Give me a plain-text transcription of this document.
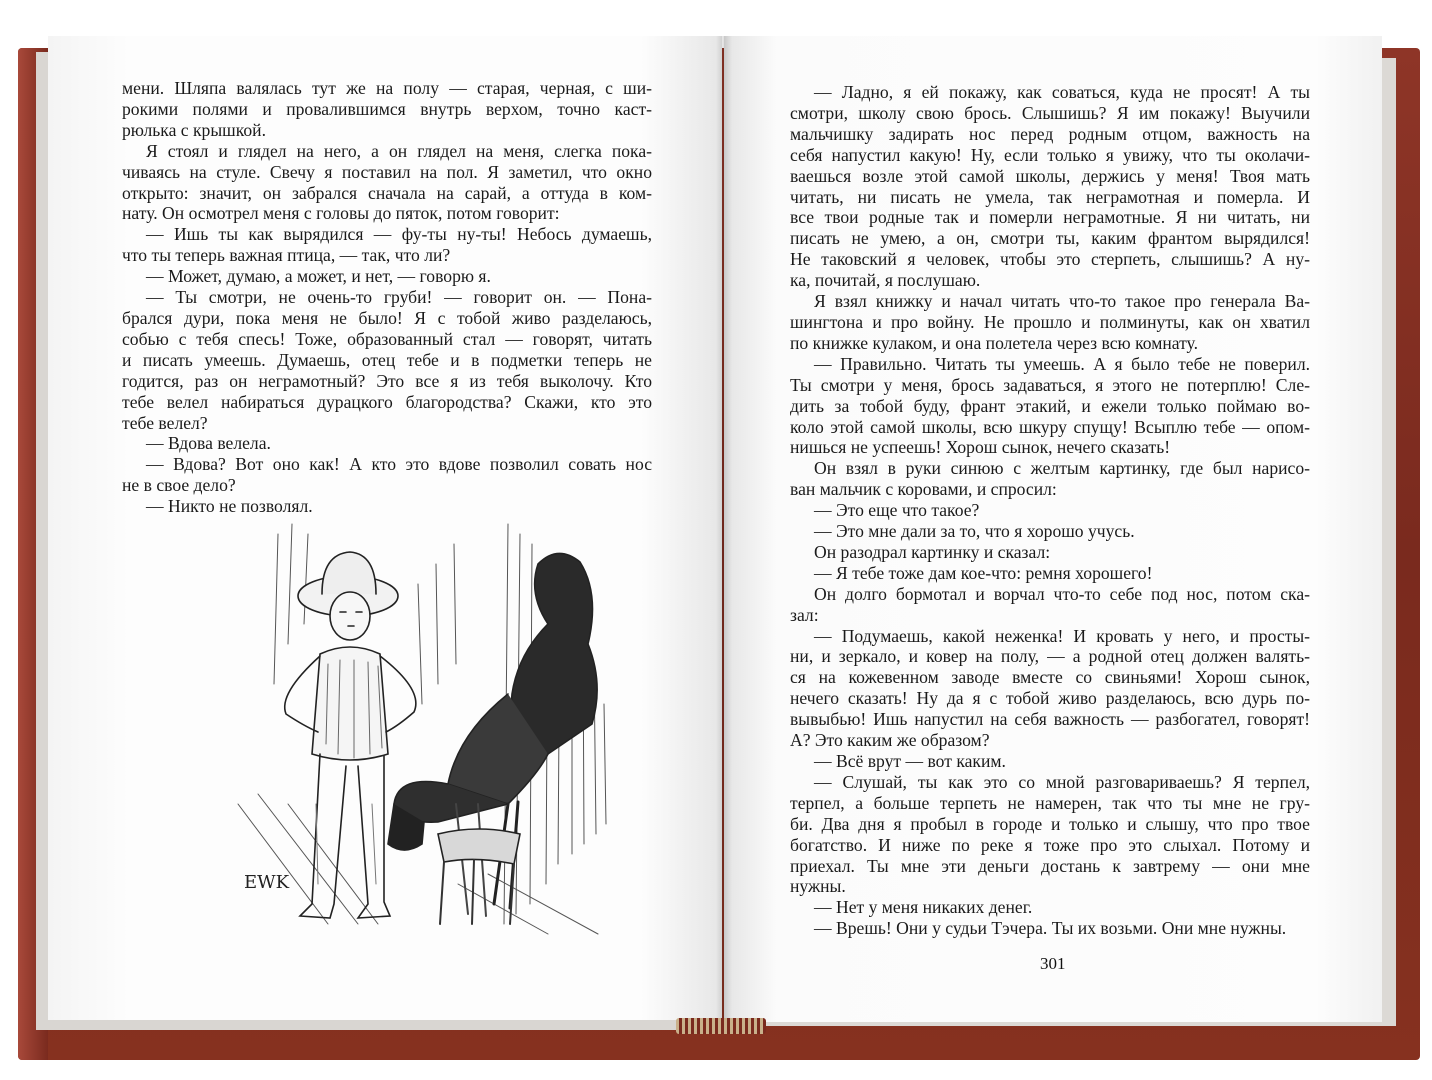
мени. Шляпа валялась тут же на полу — старая, черная, с ши-

рокими полями и провалившимся внутрь верхом, точно каст-

рюлька с крышкой.

Я стоял и глядел на него, а он глядел на меня, слегка пока-

чиваясь на стуле. Свечу я поставил на пол. Я заметил, что окно

открыто: значит, он забрался сначала на сарай, а оттуда в ком-

нату. Он осмотрел меня с головы до пяток, потом говорит:

— Ишь ты как вырядился — фу-ты ну-ты! Небось думаешь,

что ты теперь важная птица, — так, что ли?

— Может, думаю, а может, и нет, — говорю я.

— Ты смотри, не очень-то груби! — говорит он. — Пона-

брался дури, пока меня не было! Я с тобой живо разделаюсь,

собью с тебя спесь! Тоже, образованный стал — говорят, читать

и писать умеешь. Думаешь, отец тебе и в подметки теперь не

годится, раз он неграмотный? Это все я из тебя выколочу. Кто

тебе велел набираться дурацкого благородства? Скажи, кто это

тебе велел?

— Вдова велела.

— Вдова? Вот оно как! А кто это вдове позволил совать нос

не в свое дело?

— Никто не позволял.

EWK

— Ладно, я ей покажу, как соваться, куда не просят! А ты

смотри, школу свою брось. Слышишь? Я им покажу! Выучили

мальчишку задирать нос перед родным отцом, важность на

себя напустил какую! Ну, если только я увижу, что ты околачи-

ваешься возле этой самой школы, держись у меня! Твоя мать

читать, ни писать не умела, так неграмотная и померла. И

все твои родные так и померли неграмотные. Я ни читать, ни

писать не умею, а он, смотри ты, каким франтом вырядился!

Не таковский я человек, чтобы это стерпеть, слышишь? А ну-

ка, почитай, я послушаю.

Я взял книжку и начал читать что-то такое про генерала Ва-

шингтона и про войну. Не прошло и полминуты, как он хватил

по книжке кулаком, и она полетела через всю комнату.

— Правильно. Читать ты умеешь. А я было тебе не поверил.

Ты смотри у меня, брось задаваться, я этого не потерплю! Сле-

дить за тобой буду, франт этакий, и ежели только поймаю во-

коло этой самой школы, всю шкуру спущу! Всыплю тебе — опом-

нишься не успеешь! Хорош сынок, нечего сказать!

Он взял в руки синюю с желтым картинку, где был нарисо-

ван мальчик с коровами, и спросил:

— Это еще что такое?

— Это мне дали за то, что я хорошо учусь.

Он разодрал картинку и сказал:

— Я тебе тоже дам кое-что: ремня хорошего!

Он долго бормотал и ворчал что-то себе под нос, потом ска-

зал:

— Подумаешь, какой неженка! И кровать у него, и просты-

ни, и зеркало, и ковер на полу, — а родной отец должен валять-

ся на кожевенном заводе вместе со свиньями! Хорош сынок,

нечего сказать! Ну да я с тобой живо разделаюсь, всю дурь по-

вывыбью! Ишь напустил на себя важность — разбогател, говорят!

А? Это каким же образом?

— Всё врут — вот каким.

— Слушай, ты как это со мной разговариваешь? Я терпел,

терпел, а больше терпеть не намерен, так что ты мне не гру-

би. Два дня я пробыл в городе и только и слышу, что про твое

богатство. И ниже по реке я тоже про это слыхал. Потому и

приехал. Ты мне эти деньги достань к завтрему — они мне

нужны.

— Нет у меня никаких денег.

— Врешь! Они у судьи Тэчера. Ты их возьми. Они мне нужны.

301
